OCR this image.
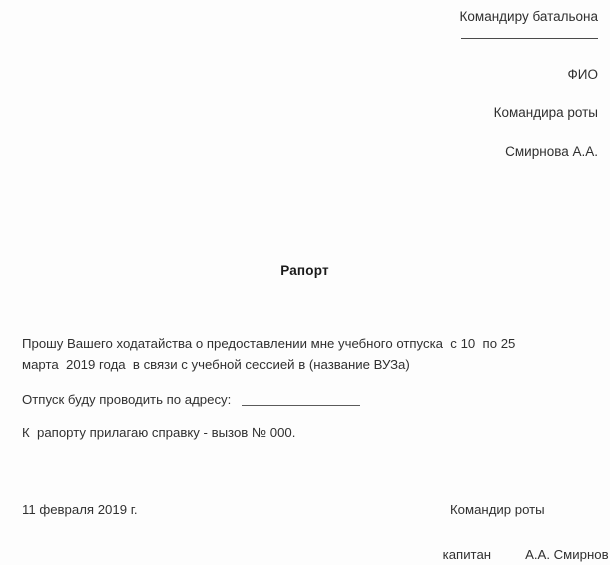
Командиру батальона
ФИО
Командира роты
Смирнова А.А.
Рапорт
Прошу Вашего ходатайства о предоставлении мне учебного отпуска  с 10  по 25
марта  2019 года  в связи с учебной сессией в (название ВУЗа)
Отпуск буду проводить по адресу:
К  рапорту прилагаю справку - вызов № 000.
11 февраля 2019 г.	Командир роты

капитан	А.А. Смирнов
